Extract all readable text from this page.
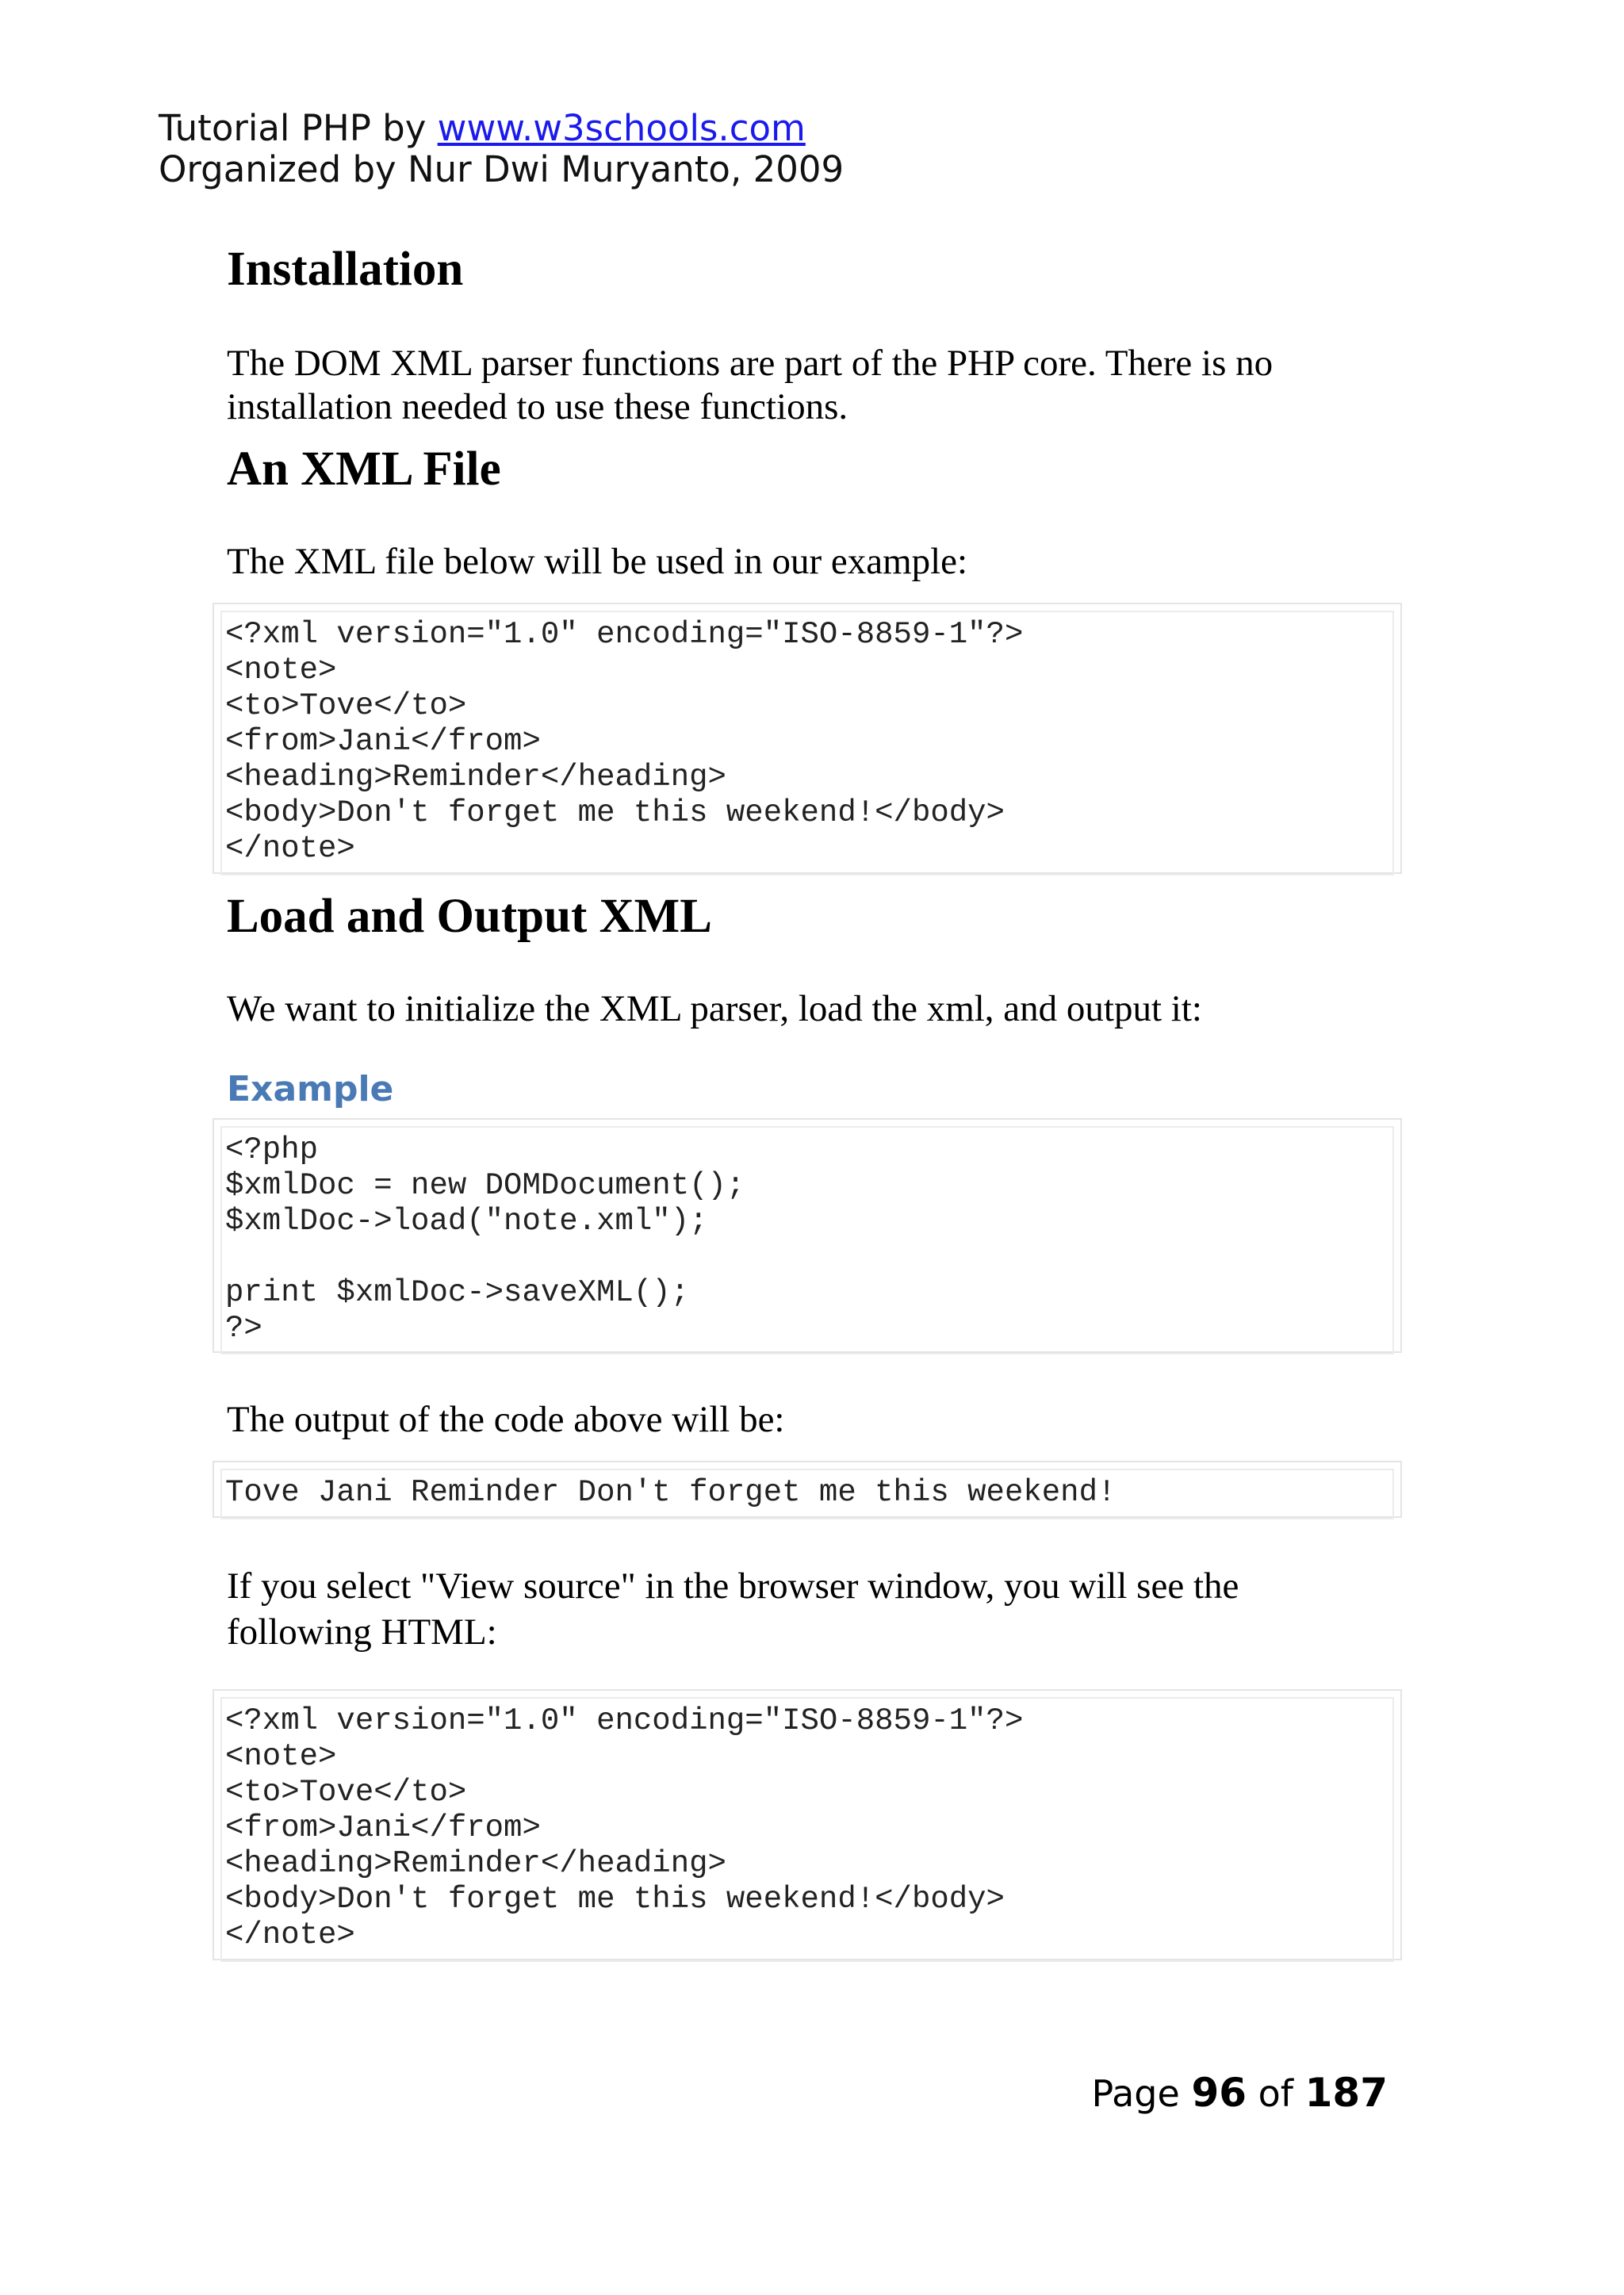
Tutorial PHP by www.w3schools.com
Organized by Nur Dwi Muryanto, 2009
Installation

The DOM XML parser functions are part of the PHP core. There is no

installation needed to use these functions.

An XML File

The XML file below will be used in our example:

<?xml version="1.0" encoding="ISO-8859-1"?>
<note>
<to>Tove</to>
<from>Jani</from>
<heading>Reminder</heading>
<body>Don't forget me this weekend!</body>
</note>
Load and Output XML

We want to initialize the XML parser, load the xml, and output it:

Example
<?php
$xmlDoc = new DOMDocument();
$xmlDoc->load("note.xml");

print $xmlDoc->saveXML();
?>

The output of the code above will be:

Tove Jani Reminder Don't forget me this weekend!

If you select "View source" in the browser window, you will see the

following HTML:

<?xml version="1.0" encoding="ISO-8859-1"?>
<note>
<to>Tove</to>
<from>Jani</from>
<heading>Reminder</heading>
<body>Don't forget me this weekend!</body>
</note>
Page 96 of 187
